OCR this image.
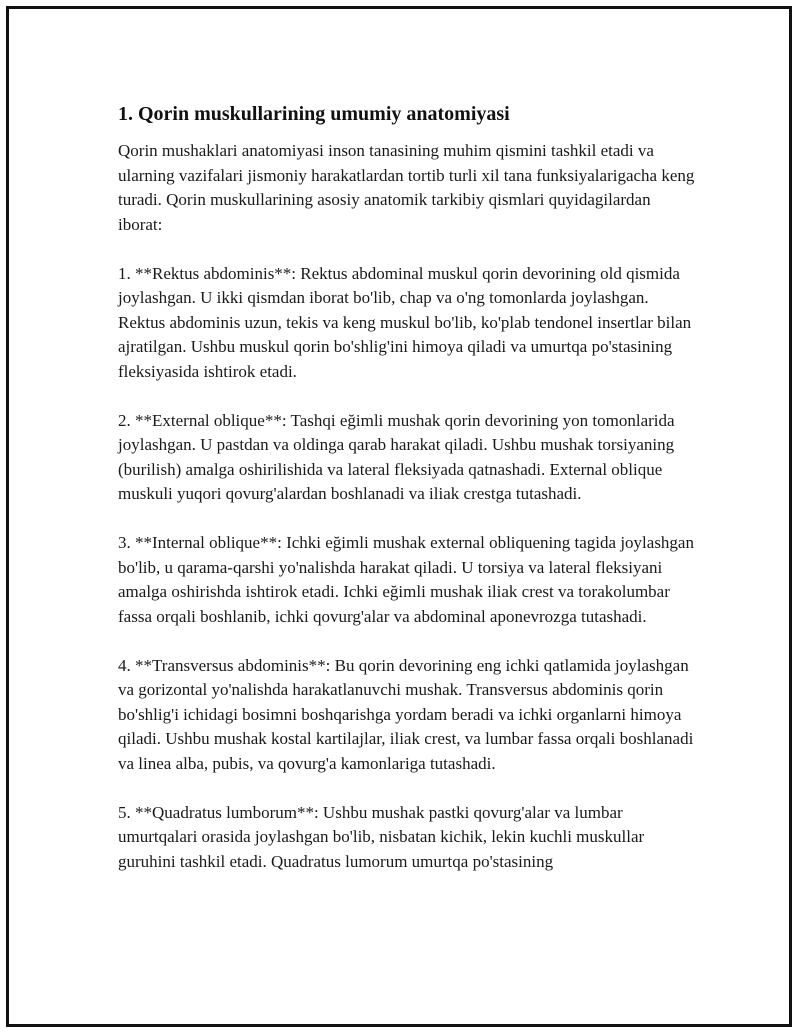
1. Qorin muskullarining umumiy anatomiyasi

Qorin mushaklari anatomiyasi inson tanasining muhim qismini tashkil etadi va ularning vazifalari jismoniy harakatlardan tortib turli xil tana funksiyalarigacha keng turadi. Qorin muskullarining asosiy anatomik tarkibiy qismlari quyidagilardan iborat:

1. **Rektus abdominis**: Rektus abdominal muskul qorin devorining old qismida joylashgan. U ikki qismdan iborat bo'lib, chap va o'ng tomonlarda joylashgan. Rektus abdominis uzun, tekis va keng muskul bo'lib, ko'plab tendonel insertlar bilan ajratilgan. Ushbu muskul qorin bo'shlig'ini himoya qiladi va umurtqa po'stasining fleksiyasida ishtirok etadi.

2. **External oblique**: Tashqi eğimli mushak qorin devorining yon tomonlarida joylashgan. U pastdan va oldinga qarab harakat qiladi. Ushbu mushak torsiyaning (burilish) amalga oshirilishida va lateral fleksiyada qatnashadi. External oblique muskuli yuqori qovurg'alardan boshlanadi va iliak crestga tutashadi.

3. **Internal oblique**: Ichki eğimli mushak external obliquening tagida joylashgan bo'lib, u qarama-qarshi yo'nalishda harakat qiladi. U torsiya va lateral fleksiyani amalga oshirishda ishtirok etadi. Ichki eğimli mushak iliak crest va torakolumbar fassa orqali boshlanib, ichki qovurg'alar va abdominal aponevrozga tutashadi.

4. **Transversus abdominis**: Bu qorin devorining eng ichki qatlamida joylashgan va gorizontal yo'nalishda harakatlanuvchi mushak. Transversus abdominis qorin bo'shlig'i ichidagi bosimni boshqarishga yordam beradi va ichki organlarni himoya qiladi. Ushbu mushak kostal kartilajlar, iliak crest, va lumbar fassa orqali boshlanadi va linea alba, pubis, va qovurg'a kamonlariga tutashadi.

5. **Quadratus lumborum**: Ushbu mushak pastki qovurg'alar va lumbar umurtqalari orasida joylashgan bo'lib, nisbatan kichik, lekin kuchli muskullar guruhini tashkil etadi. Quadratus lumorum umurtqa po'stasining
